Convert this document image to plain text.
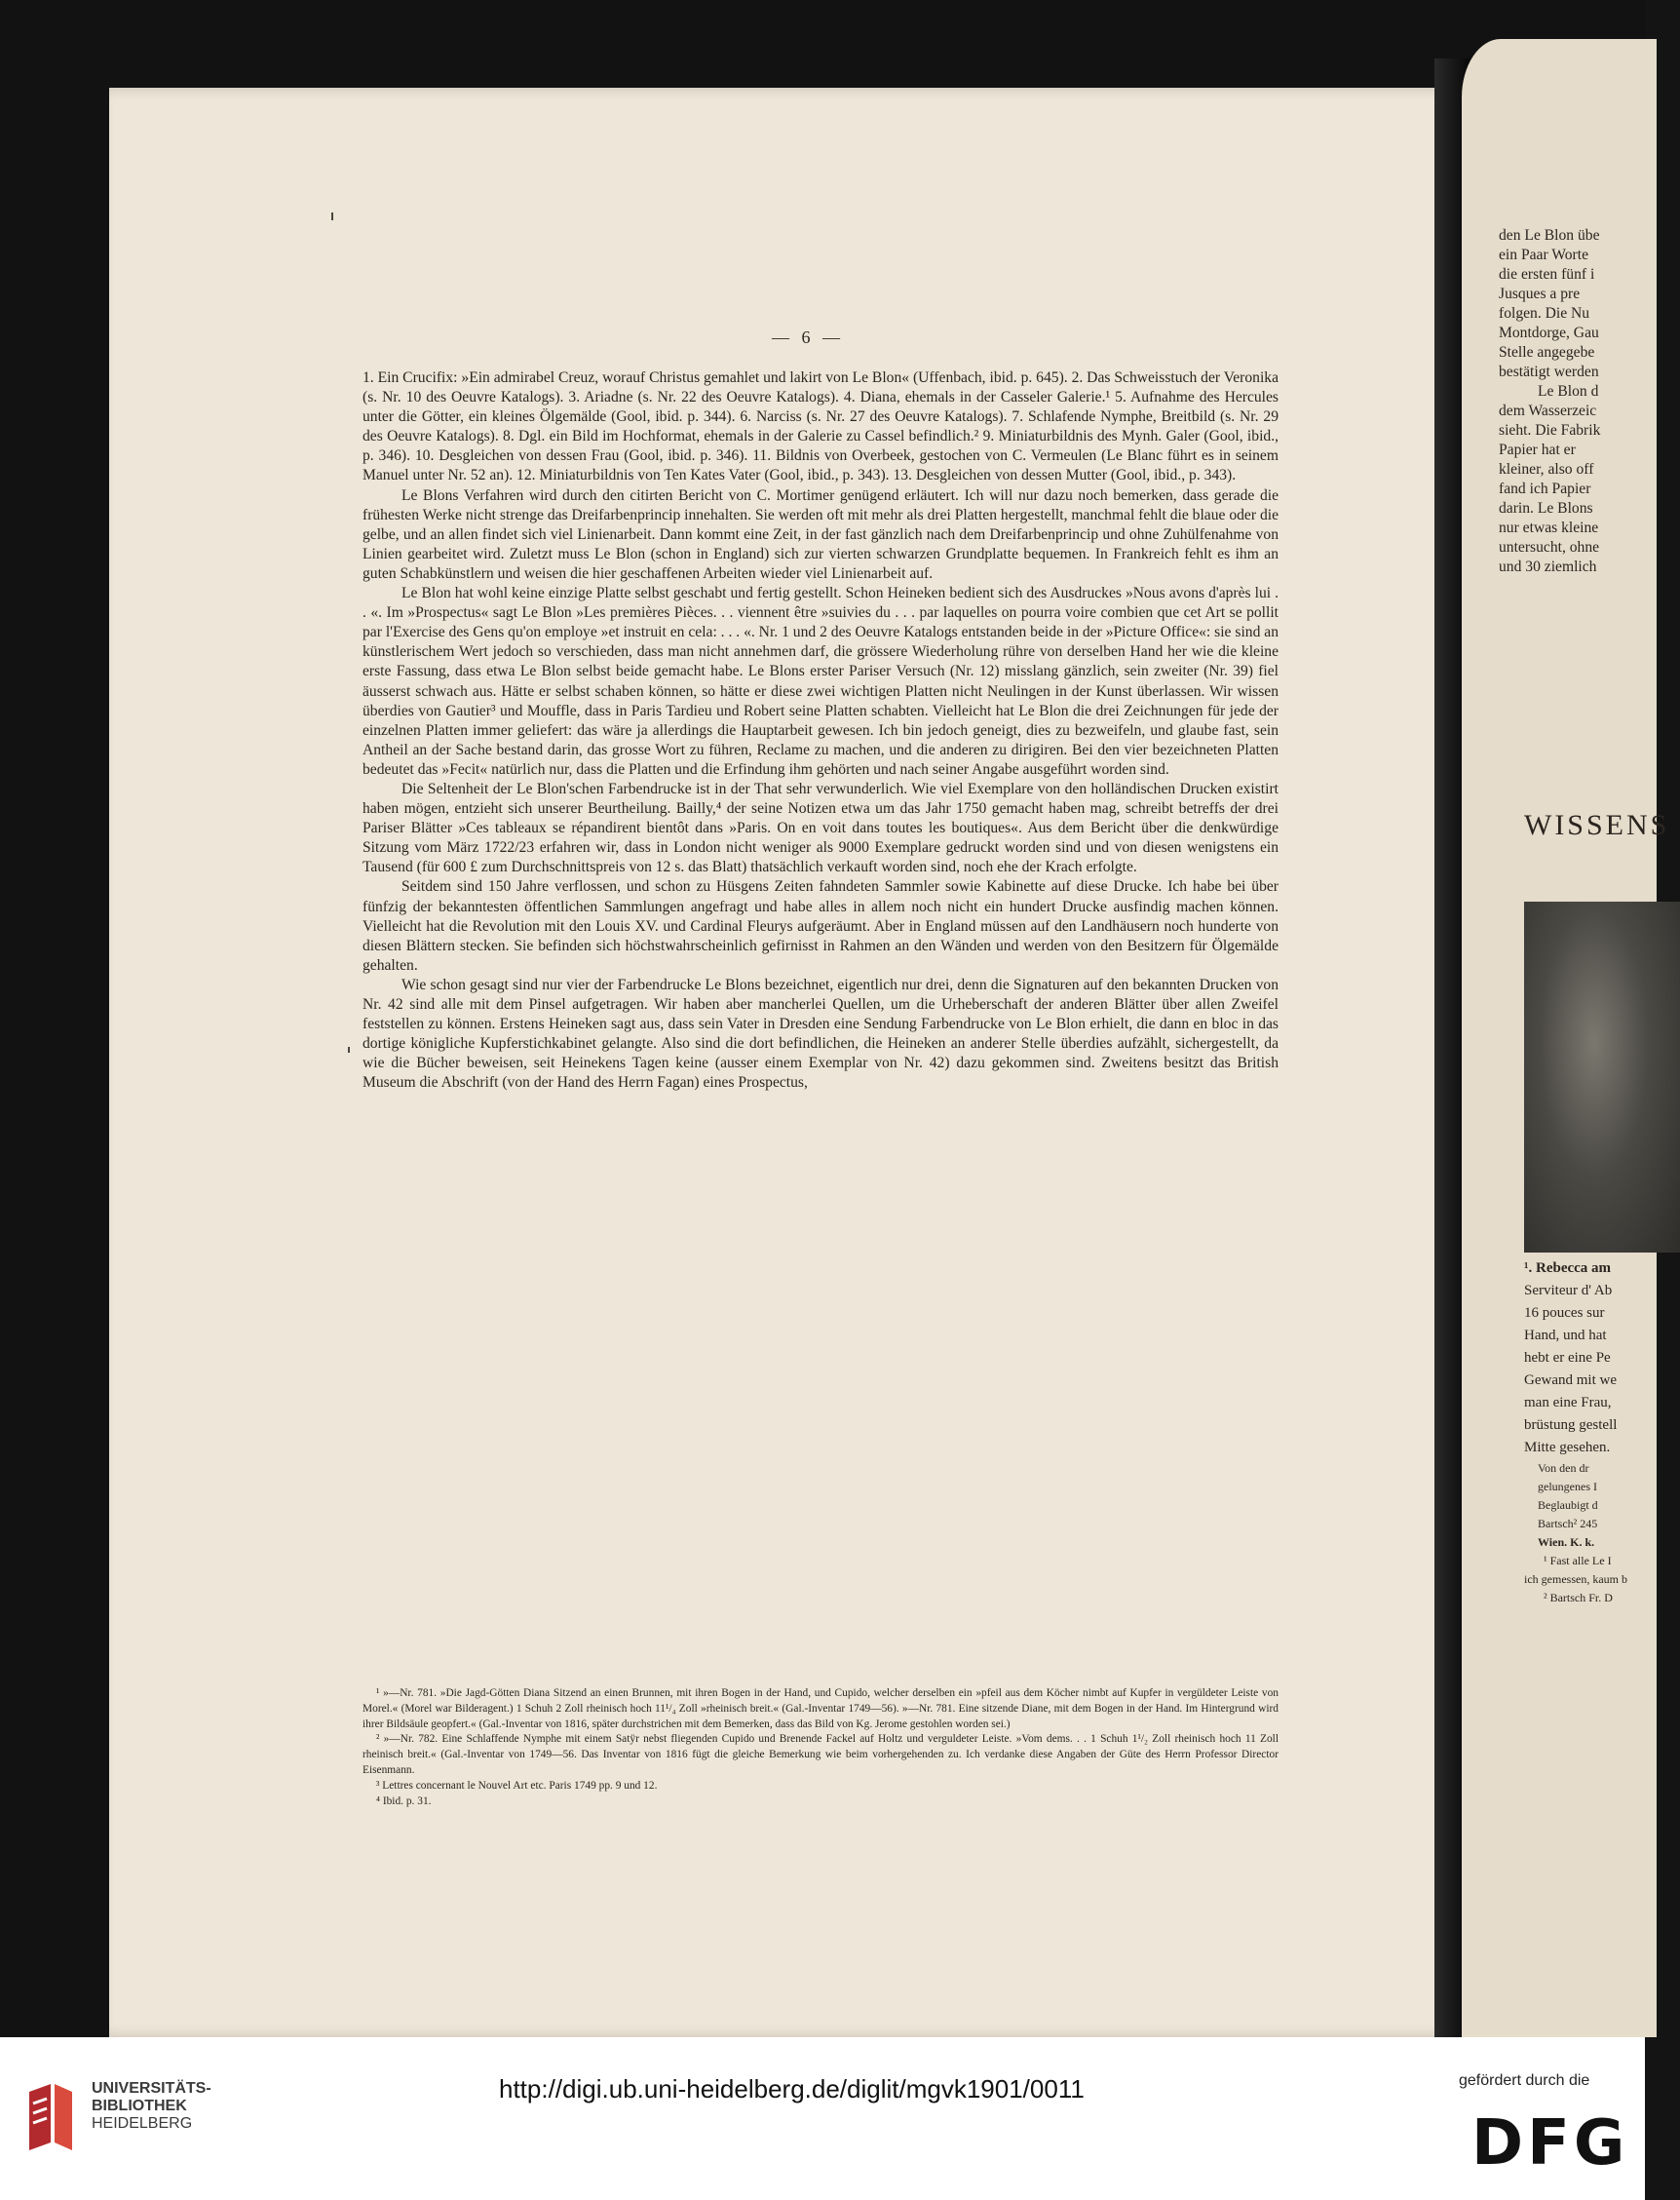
— 6 —

1. Ein Crucifix: »Ein admirabel Creuz, worauf Christus gemahlet und lakirt von Le Blon« (Uffenbach, ibid. p. 645). 2. Das Schweisstuch der Veronika (s. Nr. 10 des Oeuvre Katalogs). 3. Ariadne (s. Nr. 22 des Oeuvre Katalogs). 4. Diana, ehemals in der Casseler Galerie.¹ 5. Aufnahme des Hercules unter die Götter, ein kleines Ölgemälde (Gool, ibid. p. 344). 6. Narciss (s. Nr. 27 des Oeuvre Katalogs). 7. Schlafende Nymphe, Breitbild (s. Nr. 29 des Oeuvre Katalogs). 8. Dgl. ein Bild im Hochformat, ehemals in der Galerie zu Cassel befindlich.² 9. Miniaturbildnis des Mynh. Galer (Gool, ibid., p. 346). 10. Desgleichen von dessen Frau (Gool, ibid. p. 346). 11. Bildnis von Overbeek, gestochen von C. Vermeulen (Le Blanc führt es in seinem Manuel unter Nr. 52 an). 12. Miniaturbildnis von Ten Kates Vater (Gool, ibid., p. 343). 13. Desgleichen von dessen Mutter (Gool, ibid., p. 343).

Le Blons Verfahren wird durch den citirten Bericht von C. Mortimer genügend erläutert. Ich will nur dazu noch bemerken, dass gerade die frühesten Werke nicht strenge das Dreifarbenprincip innehalten. Sie werden oft mit mehr als drei Platten hergestellt, manchmal fehlt die blaue oder die gelbe, und an allen findet sich viel Linienarbeit. Dann kommt eine Zeit, in der fast gänzlich nach dem Dreifarbenprincip und ohne Zuhülfenahme von Linien gearbeitet wird. Zuletzt muss Le Blon (schon in England) sich zur vierten schwarzen Grundplatte bequemen. In Frankreich fehlt es ihm an guten Schabkünstlern und weisen die hier geschaffenen Arbeiten wieder viel Linienarbeit auf.

Le Blon hat wohl keine einzige Platte selbst geschabt und fertig gestellt. Schon Heineken bedient sich des Ausdruckes »Nous avons d'après lui . . «. Im »Prospectus« sagt Le Blon »Les premières Pièces. . . viennent être »suivies du . . . par laquelles on pourra voire combien que cet Art se pollit par l'Exercise des Gens qu'on employe »et instruit en cela: . . . «. Nr. 1 und 2 des Oeuvre Katalogs entstanden beide in der »Picture Office«: sie sind an künstlerischem Wert jedoch so verschieden, dass man nicht annehmen darf, die grössere Wiederholung rühre von derselben Hand her wie die kleine erste Fassung, dass etwa Le Blon selbst beide gemacht habe. Le Blons erster Pariser Versuch (Nr. 12) misslang gänzlich, sein zweiter (Nr. 39) fiel äusserst schwach aus. Hätte er selbst schaben können, so hätte er diese zwei wichtigen Platten nicht Neulingen in der Kunst überlassen. Wir wissen überdies von Gautier³ und Mouffle, dass in Paris Tardieu und Robert seine Platten schabten. Vielleicht hat Le Blon die drei Zeichnungen für jede der einzelnen Platten immer geliefert: das wäre ja allerdings die Hauptarbeit gewesen. Ich bin jedoch geneigt, dies zu bezweifeln, und glaube fast, sein Antheil an der Sache bestand darin, das grosse Wort zu führen, Reclame zu machen, und die anderen zu dirigiren. Bei den vier bezeichneten Platten bedeutet das »Fecit« natürlich nur, dass die Platten und die Erfindung ihm gehörten und nach seiner Angabe ausgeführt worden sind.

Die Seltenheit der Le Blon'schen Farbendrucke ist in der That sehr verwunderlich. Wie viel Exemplare von den holländischen Drucken existirt haben mögen, entzieht sich unserer Beurtheilung. Bailly,⁴ der seine Notizen etwa um das Jahr 1750 gemacht haben mag, schreibt betreffs der drei Pariser Blätter »Ces tableaux se répandirent bientôt dans »Paris. On en voit dans toutes les boutiques«. Aus dem Bericht über die denkwürdige Sitzung vom März 1722/23 erfahren wir, dass in London nicht weniger als 9000 Exemplare gedruckt worden sind und von diesen wenigstens ein Tausend (für 600 £ zum Durchschnittspreis von 12 s. das Blatt) thatsächlich verkauft worden sind, noch ehe der Krach erfolgte.

Seitdem sind 150 Jahre verflossen, und schon zu Hüsgens Zeiten fahndeten Sammler sowie Kabinette auf diese Drucke. Ich habe bei über fünfzig der bekanntesten öffentlichen Sammlungen angefragt und habe alles in allem noch nicht ein hundert Drucke ausfindig machen können. Vielleicht hat die Revolution mit den Louis XV. und Cardinal Fleurys aufgeräumt. Aber in England müssen auf den Landhäusern noch hunderte von diesen Blättern stecken. Sie befinden sich höchstwahrscheinlich gefirnisst in Rahmen an den Wänden und werden von den Besitzern für Ölgemälde gehalten.

Wie schon gesagt sind nur vier der Farbendrucke Le Blons bezeichnet, eigentlich nur drei, denn die Signaturen auf den bekannten Drucken von Nr. 42 sind alle mit dem Pinsel aufgetragen. Wir haben aber mancherlei Quellen, um die Urheberschaft der anderen Blätter über allen Zweifel feststellen zu können. Erstens Heineken sagt aus, dass sein Vater in Dresden eine Sendung Farbendrucke von Le Blon erhielt, die dann en bloc in das dortige königliche Kupferstichkabinet gelangte. Also sind die dort befindlichen, die Heineken an anderer Stelle überdies aufzählt, sichergestellt, da wie die Bücher beweisen, seit Heinekens Tagen keine (ausser einem Exemplar von Nr. 42) dazu gekommen sind. Zweitens besitzt das British Museum die Abschrift (von der Hand des Herrn Fagan) eines Prospectus,

¹ »—Nr. 781. »Die Jagd-Götten Diana Sitzend an einen Brunnen, mit ihren Bogen in der Hand, und Cupido, welcher derselben ein »pfeil aus dem Köcher nimbt auf Kupfer in vergüldeter Leiste von Morel.« (Morel war Bilderagent.) 1 Schuh 2 Zoll rheinisch hoch 11¹/₄ Zoll »rheinisch breit.« (Gal.-Inventar 1749—56). »—Nr. 781. Eine sitzende Diane, mit dem Bogen in der Hand. Im Hintergrund wird ihrer Bildsäule geopfert.« (Gal.-Inventar von 1816, später durchstrichen mit dem Bemerken, dass das Bild von Kg. Jerome gestohlen worden sei.)

² »—Nr. 782. Eine Schlaffende Nymphe mit einem Satÿr nebst fliegenden Cupido und Brenende Fackel auf Holtz und verguldeter Leiste. »Vom dems. . . 1 Schuh 1¹/₂ Zoll rheinisch hoch 11 Zoll rheinisch breit.« (Gal.-Inventar von 1749—56. Das Inventar von 1816 fügt die gleiche Bemerkung wie beim vorhergehenden zu. Ich verdanke diese Angaben der Güte des Herrn Professor Director Eisenmann.

³ Lettres concernant le Nouvel Art etc. Paris 1749 pp. 9 und 12.

⁴ Ibid. p. 31.

den Le Blon übe
ein Paar Worte
die ersten fünf i
Jusques a pre
folgen. Die Nu
Montdorge, Gau
Stelle angegebe
bestätigt werden
Le Blon d
dem Wasserzeic
sieht. Die Fabrik
Papier hat er
kleiner, also off
fand ich Papier
darin. Le Blons
nur etwas kleine
untersucht, ohne
und 30 ziemlich
WISSENS
¹. Rebecca am
Serviteur d' Ab
16 pouces sur
Hand, und hat
hebt er eine Pe
Gewand mit we
man eine Frau,
brüstung gestell
Mitte gesehen.
Von den dr
gelungenes I
Beglaubigt d
Bartsch² 245
Wien. K. k.
¹ Fast alle Le I
ich gemessen, kaum b
² Bartsch Fr. D
UNIVERSITÄTS-
BIBLIOTHEK
HEIDELBERG
http://digi.ub.uni-heidelberg.de/diglit/mgvk1901/0011	gefördert durch die
DFG
